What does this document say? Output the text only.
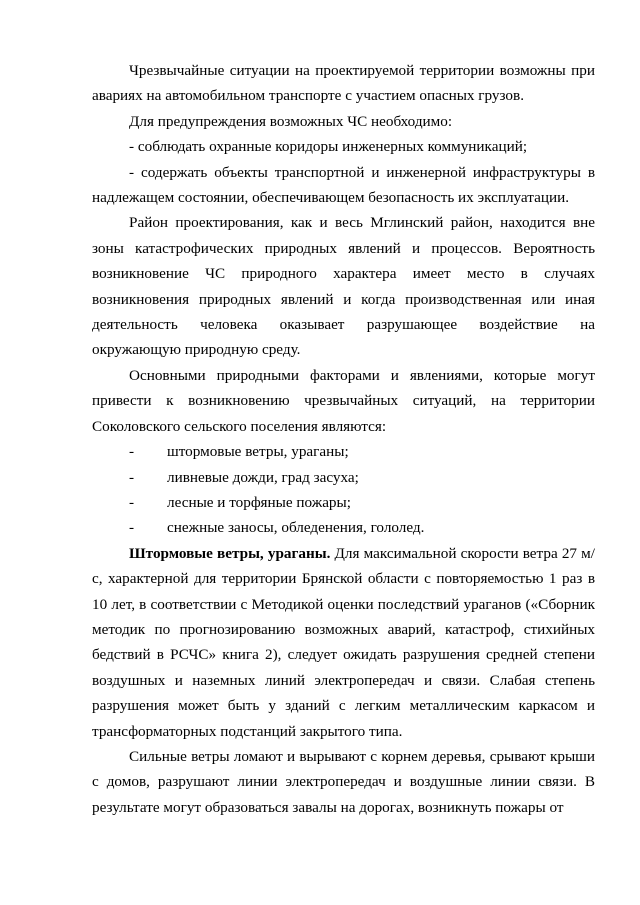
Чрезвычайные ситуации на проектируемой территории возможны при авариях на автомобильном транспорте с участием опасных грузов.

Для предупреждения возможных ЧС необходимо:

- соблюдать охранные коридоры инженерных коммуникаций;

- содержать объекты транспортной и инженерной инфраструктуры в надлежащем состоянии, обеспечивающем безопасность их эксплуатации.

Район проектирования, как и весь Мглинский район, находится вне зоны катастрофических природных явлений и процессов. Вероятность возникновение ЧС природного характера имеет место в случаях возникновения природных явлений и когда производственная или иная деятельность человека оказывает разрушающее воздействие на окружающую природную среду.

Основными природными факторами и явлениями, которые могут привести к возникновению чрезвычайных ситуаций, на территории Соколовского сельского поселения являются:

-	штормовые ветры, ураганы;
-	ливневые дожди, град засуха;
-	лесные и торфяные пожары;
-	снежные заносы, обледенения, гололед.

Штормовые ветры, ураганы. Для максимальной скорости ветра 27 м/с, характерной для территории Брянской области с повторяемостью 1 раз в 10 лет, в соответствии с Методикой оценки последствий ураганов («Сборник методик по прогнозированию возможных аварий, катастроф, стихийных бедствий в РСЧС» книга 2), следует ожидать разрушения средней степени воздушных и наземных линий электропередач и связи. Слабая степень разрушения может быть у зданий с легким металлическим каркасом и трансформаторных подстанций закрытого типа.

Сильные ветры ломают и вырывают с корнем деревья, срывают крыши с домов, разрушают линии электропередач и воздушные линии связи. В результате могут образоваться завалы на дорогах, возникнуть пожары от
